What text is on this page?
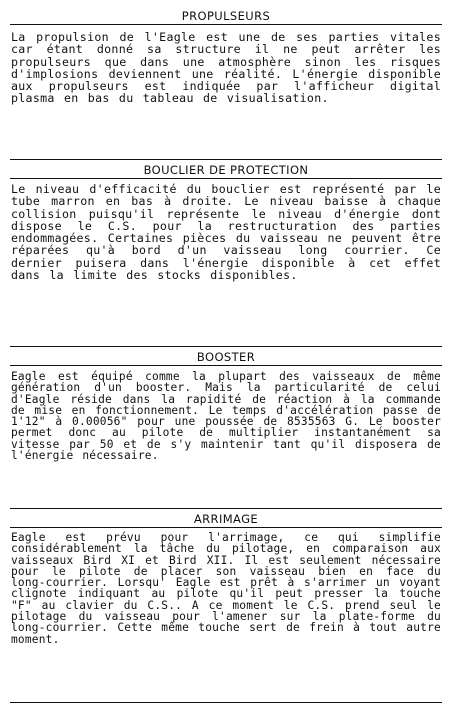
PROPULSEURS

La propulsion de l'Eagle est une de ses parties vitales car étant donné sa structure il ne peut arrêter les propulseurs que dans une atmosphère sinon les risques d'implosions deviennent une réalité. L'énergie disponible aux propulseurs est indiquée par l'afficheur digital plasma en bas du tableau de visualisation.

BOUCLIER DE PROTECTION

Le niveau d'efficacité du bouclier est représenté par le tube marron en bas à droite. Le niveau baisse à chaque collision puisqu'il représente le niveau d'énergie dont dispose le C.S. pour la restructuration des parties endommagées. Certaines pièces du vaisseau ne peuvent être réparées qu'à bord d'un vaisseau long courrier. Ce dernier puisera dans l'énergie disponible à cet effet dans la limite des stocks disponibles.

BOOSTER

Eagle est équipé comme la plupart des vaisseaux de même génération d'un booster. Mais la particularité de celui d'Eagle réside dans la rapidité de réaction à la commande de mise en fonctionnement. Le temps d'accélération passe de 1'12" à 0.00056" pour une poussée de 8535563 G. Le booster permet donc au pilote de multiplier instantanément sa vitesse par 50 et de s'y maintenir tant qu'il disposera de l'énergie nécessaire.

ARRIMAGE

Eagle est prévu pour l'arrimage, ce qui simplifie considérablement la tâche du pilotage, en comparaison aux vaisseaux Bird XI et Bird XII. Il est seulement nécessaire pour le pilote de placer son vaisseau bien en face du long-courrier. Lorsqu' Eagle est prêt à s'arrimer un voyant clignote indiquant au pilote qu'il peut presser la touche "F" au clavier du C.S.. A ce moment le C.S. prend seul le pilotage du vaisseau pour l'amener sur la plate-forme du long-courrier. Cette même touche sert de frein à tout autre moment.
